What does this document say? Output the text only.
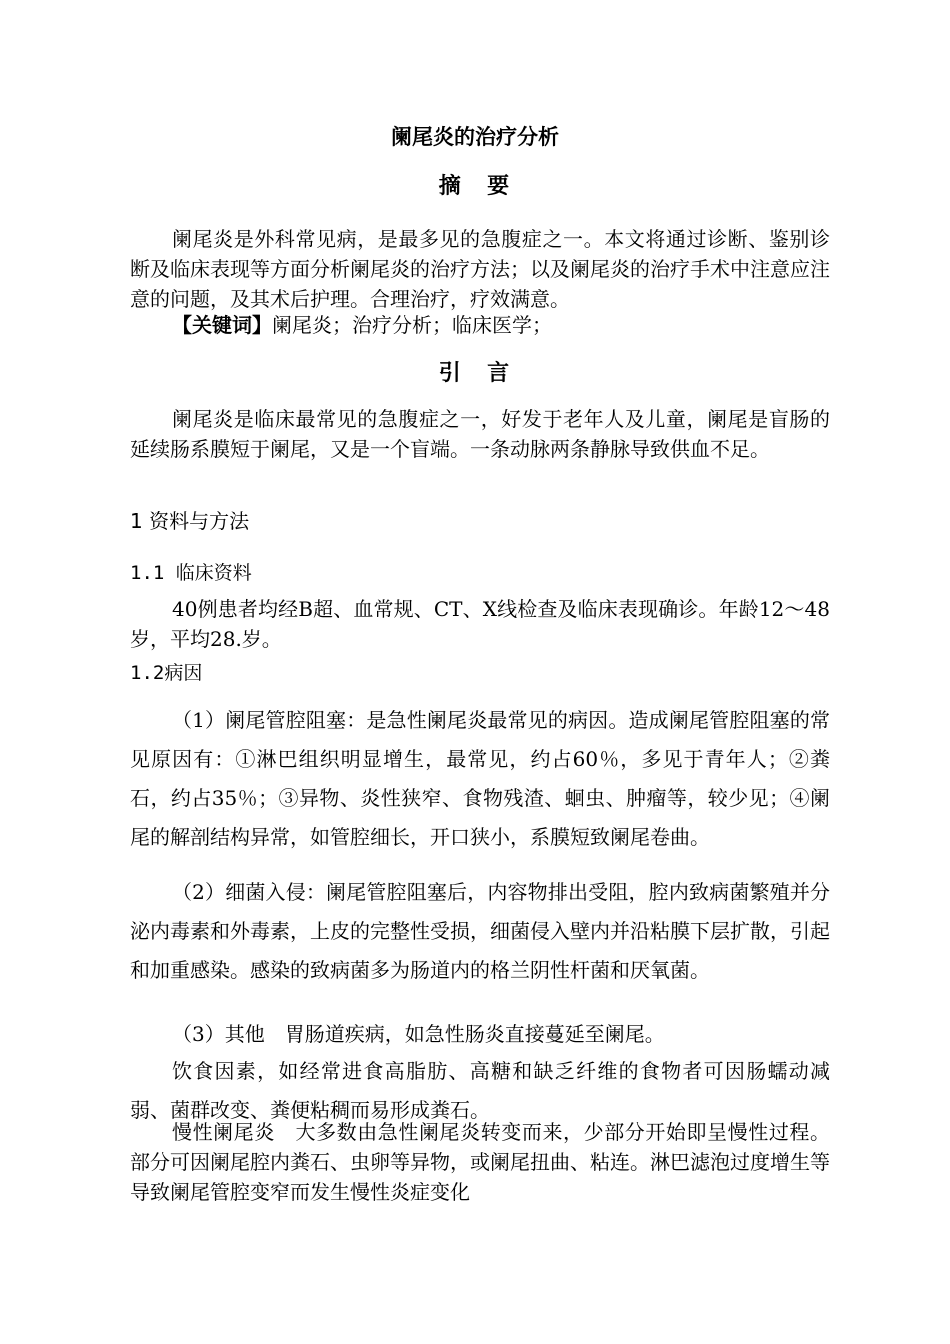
阑尾炎的治疗分析
摘　要

阑尾炎是外科常见病，是最多见的急腹症之一。本文将通过诊断、鉴别诊断及临床表现等方面分析阑尾炎的治疗方法；以及阑尾炎的治疗手术中注意应注意的问题，及其术后护理。合理治疗，疗效满意。

【关键词】阑尾炎；治疗分析；临床医学；
引　言

阑尾炎是临床最常见的急腹症之一，好发于老年人及儿童，阑尾是盲肠的延续肠系膜短于阑尾，又是一个盲端。一条动脉两条静脉导致供血不足。

1 资料与方法
1.1 临床资料

40例患者均经B超、血常规、CT、X线检查及临床表现确诊。年龄12～48岁，平均28.岁。

1.2病因

（1）阑尾管腔阻塞：是急性阑尾炎最常见的病因。造成阑尾管腔阻塞的常见原因有：①淋巴组织明显增生，最常见，约占60％，多见于青年人；②粪石，约占35％；③异物、炎性狭窄、食物残渣、蛔虫、肿瘤等，较少见；④阑尾的解剖结构异常，如管腔细长，开口狭小，系膜短致阑尾卷曲。

（2）细菌入侵：阑尾管腔阻塞后，内容物排出受阻，腔内致病菌繁殖并分泌内毒素和外毒素，上皮的完整性受损，细菌侵入壁内并沿粘膜下层扩散，引起和加重感染。感染的致病菌多为肠道内的格兰阴性杆菌和厌氧菌。

（3）其他　胃肠道疾病，如急性肠炎直接蔓延至阑尾。

饮食因素，如经常进食高脂肪、高糖和缺乏纤维的食物者可因肠蠕动减弱、菌群改变、粪便粘稠而易形成粪石。

慢性阑尾炎　大多数由急性阑尾炎转变而来，少部分开始即呈慢性过程。部分可因阑尾腔内粪石、虫卵等异物，或阑尾扭曲、粘连。淋巴滤泡过度增生等导致阑尾管腔变窄而发生慢性炎症变化
